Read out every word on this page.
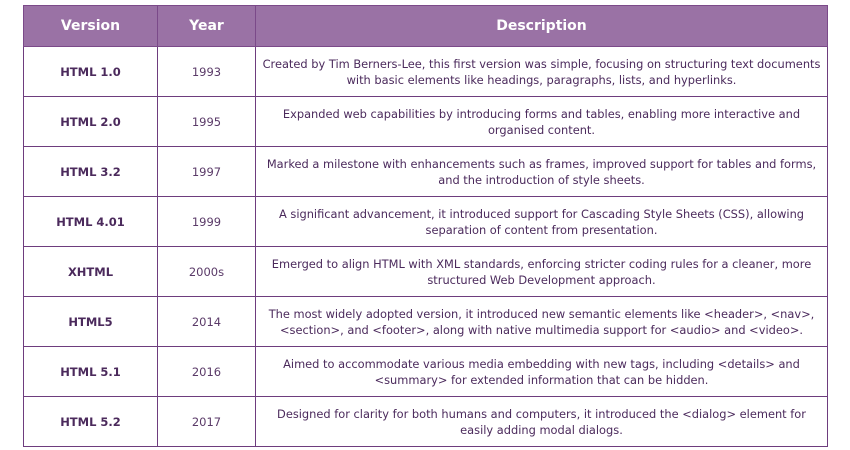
Version	Year	Description
HTML 1.0	1993	Created by Tim Berners-Lee, this first version was simple, focusing on structuring text documents with basic elements like headings, paragraphs, lists, and hyperlinks.
HTML 2.0	1995	Expanded web capabilities by introducing forms and tables, enabling more interactive and organised content.
HTML 3.2	1997	Marked a milestone with enhancements such as frames, improved support for tables and forms, and the introduction of style sheets.
HTML 4.01	1999	A significant advancement, it introduced support for Cascading Style Sheets (CSS), allowing separation of content from presentation.
XHTML	2000s	Emerged to align HTML with XML standards, enforcing stricter coding rules for a cleaner, more structured Web Development approach.
HTML5	2014	The most widely adopted version, it introduced new semantic elements like <header>, <nav>, <section>, and <footer>, along with native multimedia support for <audio> and <video>.
HTML 5.1	2016	Aimed to accommodate various media embedding with new tags, including <details> and <summary> for extended information that can be hidden.
HTML 5.2	2017	Designed for clarity for both humans and computers, it introduced the <dialog> element for easily adding modal dialogs.
